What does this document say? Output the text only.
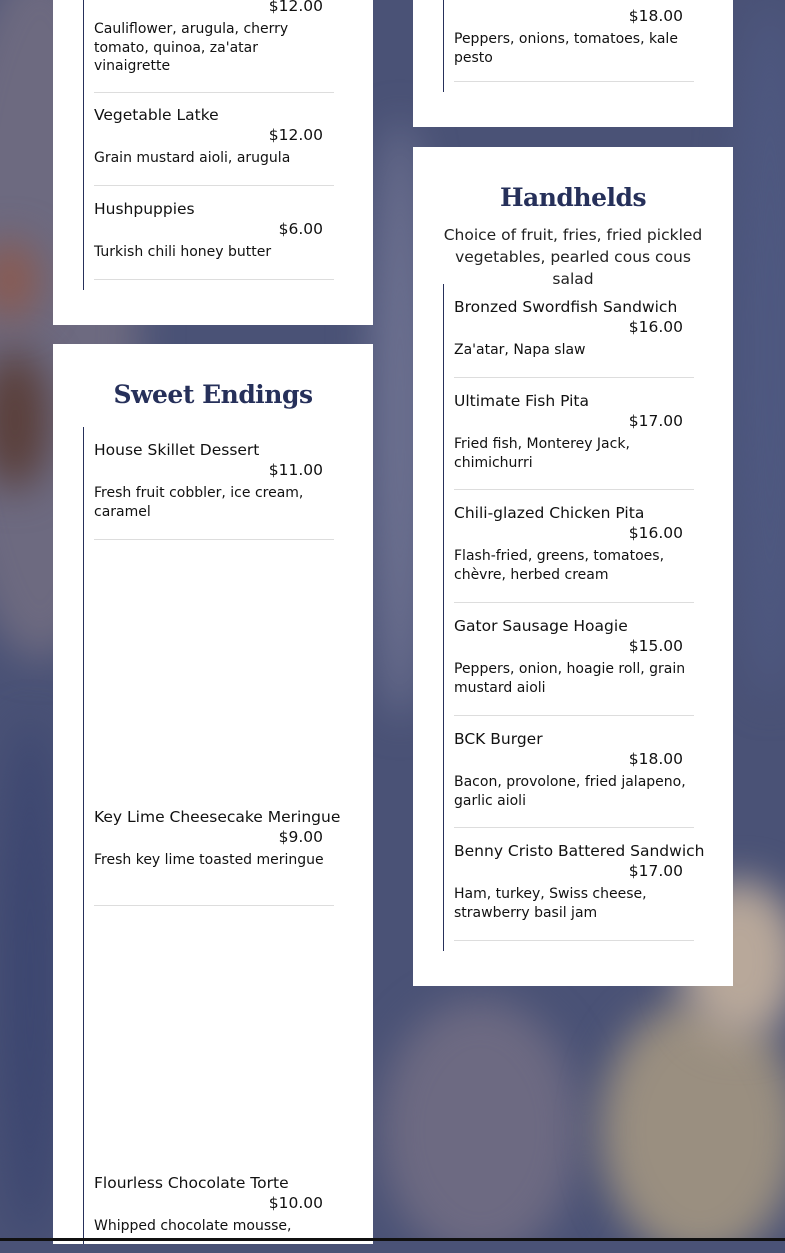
$12.00
Cauliflower, arugula, cherry tomato, quinoa, za'atar vinaigrette
Vegetable Latke
$12.00
Grain mustard aioli, arugula
Hushpuppies
$6.00
Turkish chili honey butter
$18.00
Peppers, onions, tomatoes, kale pesto
Sweet Endings
House Skillet Dessert
$11.00
Fresh fruit cobbler, ice cream, caramel
Key Lime Cheesecake Meringue
$9.00
Fresh key lime toasted meringue
Flourless Chocolate Torte
$10.00
Whipped chocolate mousse,
Handhelds

Choice of fruit, fries, fried pickled vegetables, pearled cous cous salad

Bronzed Swordfish Sandwich
$16.00
Za'atar, Napa slaw
Ultimate Fish Pita
$17.00
Fried fish, Monterey Jack, chimichurri
Chili-glazed Chicken Pita
$16.00
Flash-fried, greens, tomatoes, chèvre, herbed cream
Gator Sausage Hoagie
$15.00
Peppers, onion, hoagie roll, grain mustard aioli
BCK Burger
$18.00
Bacon, provolone, fried jalapeno, garlic aioli
Benny Cristo Battered Sandwich
$17.00
Ham, turkey, Swiss cheese, strawberry basil jam
